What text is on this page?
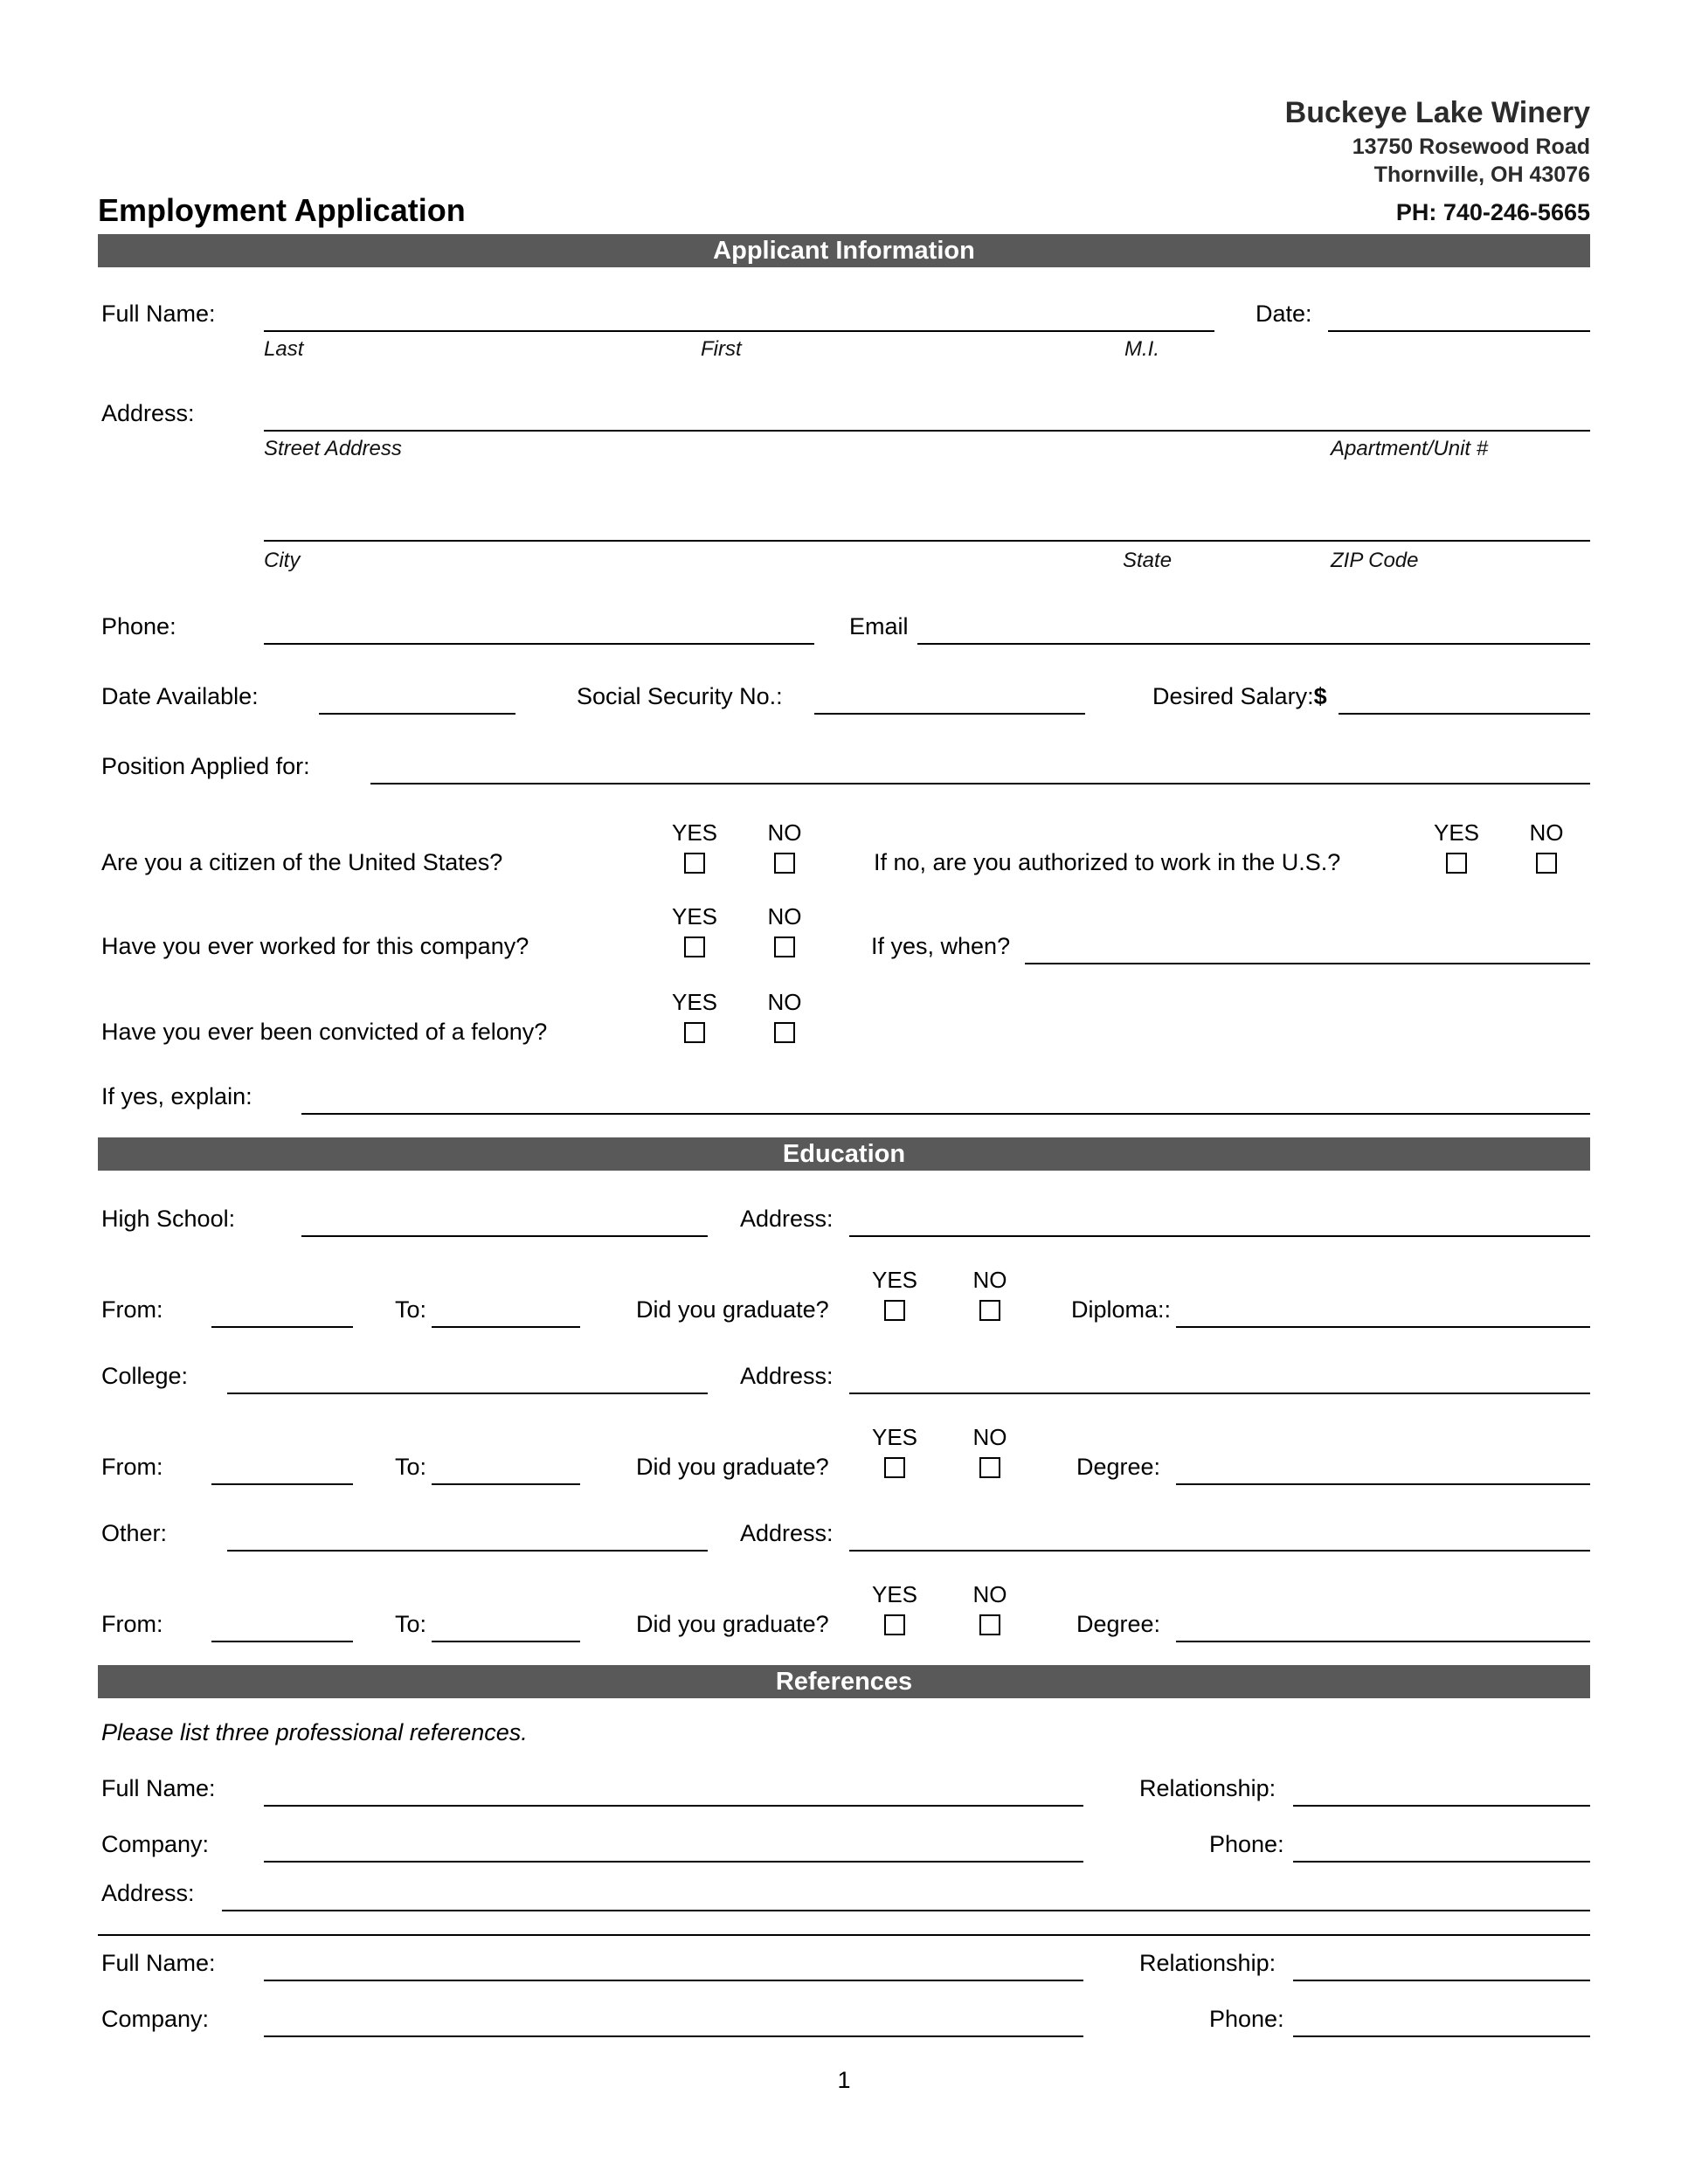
Buckeye Lake Winery
13750 Rosewood Road
Thornville, OH 43076
Employment Application	PH: 740-246-5665
Applicant Information
Full Name:	Date:
Last	First	M.I.
Address:
Street Address	Apartment/Unit #
City	State	ZIP Code
Phone:	Email
Date Available:	Social Security No.:	Desired Salary:$
Position Applied for:
YES NO	YES NO
Are you a citizen of the United States?	If no, are you authorized to work in the U.S.?
YES NO
Have you ever worked for this company?	If yes, when?
YES NO
Have you ever been convicted of a felony?
If yes, explain:
Education
High School:	Address:
YES NO
From:	To:	Did you graduate?	Diploma::
College:	Address:
YES NO
From:	To:	Did you graduate?	Degree:
Other:	Address:
YES NO
From:	To:	Did you graduate?	Degree:
References
Please list three professional references.
Full Name:	Relationship:
Company:	Phone:
Address:
Full Name:	Relationship:
Company:	Phone:
1
